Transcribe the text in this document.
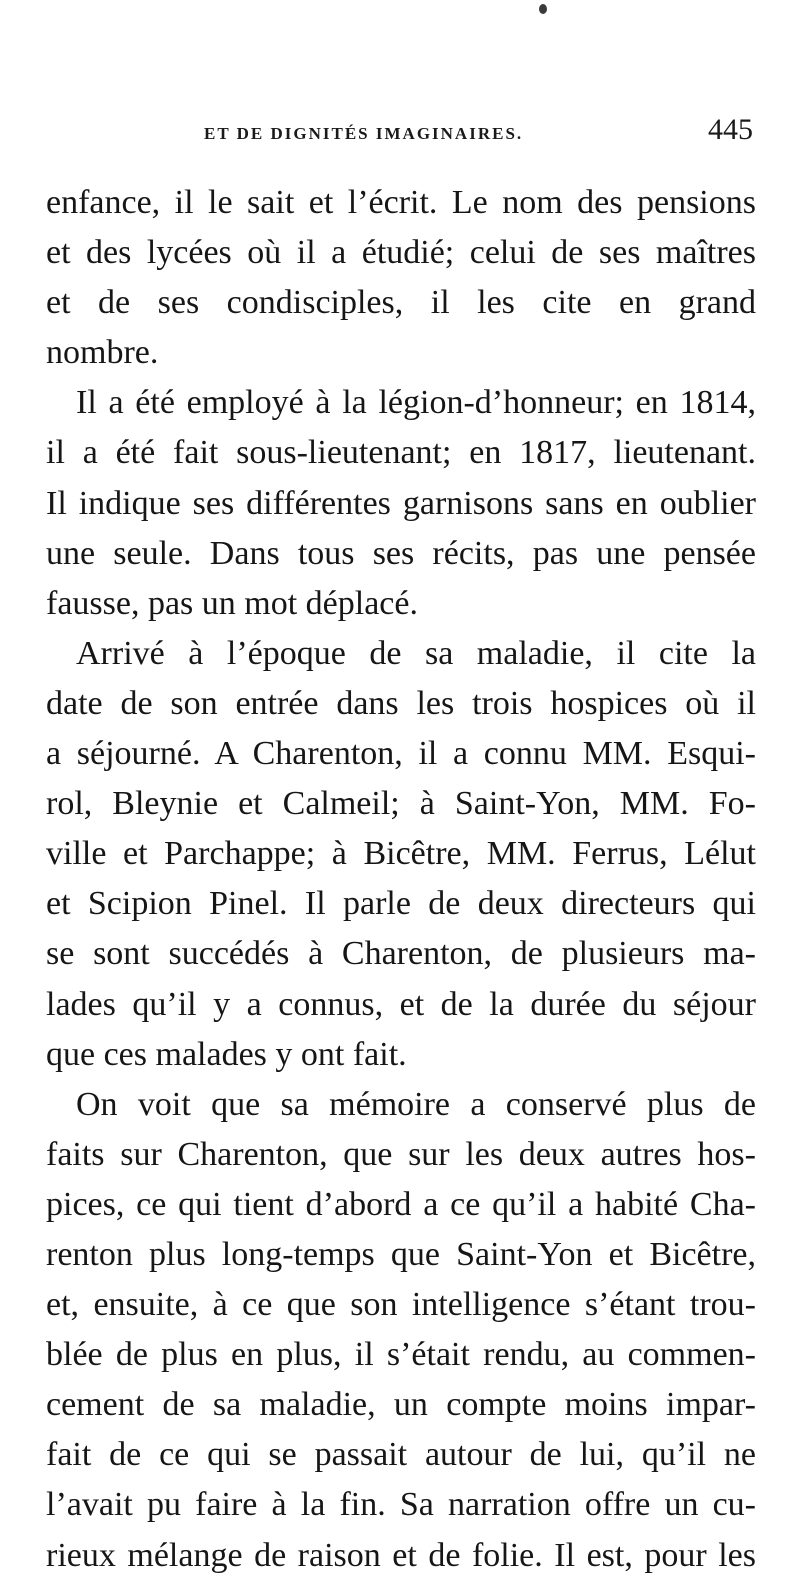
ET DE DIGNITÉS IMAGINAIRES.	445
enfance, il le sait et l’écrit. Le nom des pensions
et des lycées où il a étudié; celui de ses maîtres
et de ses condisciples, il les cite en grand
nombre.
Il a été employé à la légion-d’honneur; en 1814,
il a été fait sous-lieutenant; en 1817, lieutenant.
Il indique ses différentes garnisons sans en oublier
une seule. Dans tous ses récits, pas une pensée
fausse, pas un mot déplacé.
Arrivé à l’époque de sa maladie, il cite la
date de son entrée dans les trois hospices où il
a séjourné. A Charenton, il a connu MM. Esqui-
rol, Bleynie et Calmeil; à Saint-Yon, MM. Fo-
ville et Parchappe; à Bicêtre, MM. Ferrus, Lélut
et Scipion Pinel. Il parle de deux directeurs qui
se sont succédés à Charenton, de plusieurs ma-
lades qu’il y a connus, et de la durée du séjour
que ces malades y ont fait.
On voit que sa mémoire a conservé plus de
faits sur Charenton, que sur les deux autres hos-
pices, ce qui tient d’abord a ce qu’il a habité Cha-
renton plus long-temps que Saint-Yon et Bicêtre,
et, ensuite, à ce que son intelligence s’étant trou-
blée de plus en plus, il s’était rendu, au commen-
cement de sa maladie, un compte moins impar-
fait de ce qui se passait autour de lui, qu’il ne
l’avait pu faire à la fin. Sa narration offre un cu-
rieux mélange de raison et de folie. Il est, pour les
